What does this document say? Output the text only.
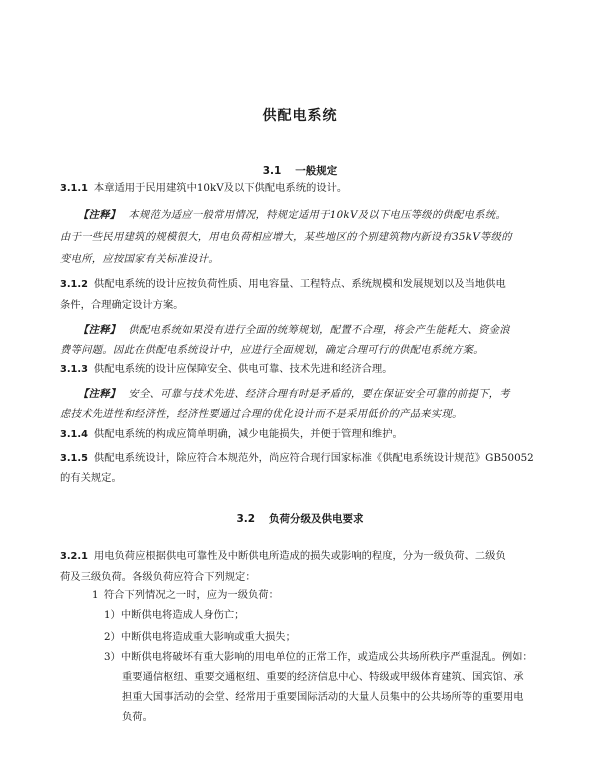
供配电系统
3.1 一般规定
3.1.1 本章适用于民用建筑中10kV及以下供配电系统的设计。
【注释】 本规范为适应一般常用情况，特规定适用于10kV及以下电压等级的供配电系统。
由于一些民用建筑的规模很大，用电负荷相应增大，某些地区的个别建筑物内新设有35kV等级的
变电所，应按国家有关标准设计。
3.1.2 供配电系统的设计应按负荷性质、用电容量、工程特点、系统规模和发展规划以及当地供电
条件，合理确定设计方案。
【注释】 供配电系统如果没有进行全面的统筹规划，配置不合理，将会产生能耗大、资金浪
费等问题。因此在供配电系统设计中，应进行全面规划，确定合理可行的供配电系统方案。
3.1.3 供配电系统的设计应保障安全、供电可靠、技术先进和经济合理。
【注释】 安全、可靠与技术先进、经济合理有时是矛盾的，要在保证安全可靠的前提下，考
虑技术先进性和经济性，经济性要通过合理的优化设计而不是采用低价的产品来实现。
3.1.4 供配电系统的构成应简单明确，减少电能损失，并便于管理和维护。
3.1.5 供配电系统设计，除应符合本规范外，尚应符合现行国家标准《供配电系统设计规范》GB50052
的有关规定。
3.2 负荷分级及供电要求
3.2.1 用电负荷应根据供电可靠性及中断供电所造成的损失或影响的程度，分为一级负荷、二级负
荷及三级负荷。各级负荷应符合下列规定：
1 符合下列情况之一时，应为一级负荷：
1）中断供电将造成人身伤亡；
2）中断供电将造成重大影响或重大损失；
3）中断供电将破坏有重大影响的用电单位的正常工作，或造成公共场所秩序严重混乱。例如：
重要通信枢纽、重要交通枢纽、重要的经济信息中心、特级或甲级体育建筑、国宾馆、承
担重大国事活动的会堂、经常用于重要国际活动的大量人员集中的公共场所等的重要用电
负荷。
